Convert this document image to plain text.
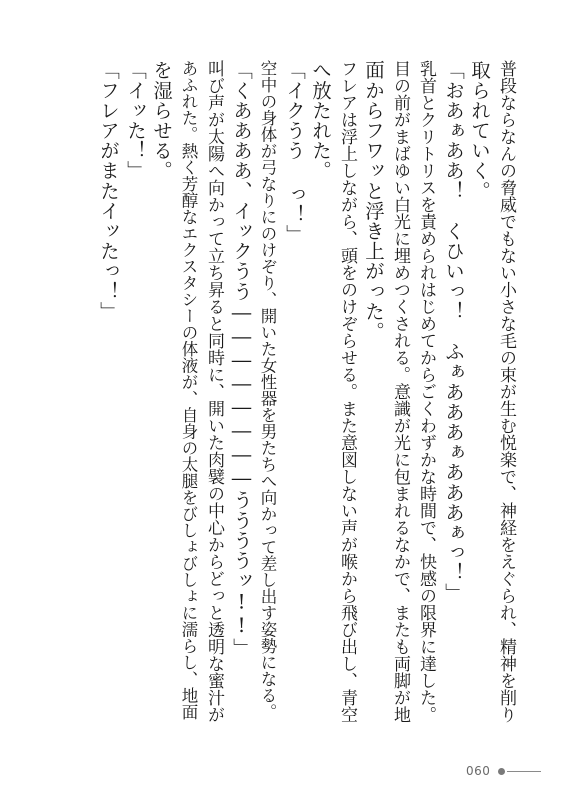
普段ならなんの脅威でもない小さな毛の束が生む悦楽で、神経をえぐられ、精神を削り
取られていく。
「おあぁああ！　くひいっ！　ふぁあああぁあああぁっ！」
乳首とクリトリスを責められはじめてからごくわずかな時間で、快感の限界に達した。
目の前がまばゆい白光に埋めつくされる。意識が光に包まれるなかで、またも両脚が地
面からフワッと浮き上がった。
フレアは浮上しながら、頭をのけぞらせる。また意図しない声が喉から飛び出し、青空
へ放たれた。
「イクうう っ！」
空中の身体が弓なりにのけぞり、開いた女性器を男たちへ向かって差し出す姿勢になる。
「くああああ、イックうう――――――――ううううッ!!」
叫び声が太陽へ向かって立ち昇ると同時に、開いた肉襞の中心からどっと透明な蜜汁が
あふれた。熱く芳醇なエクスタシーの体液が、自身の太腿をびしょびしょに濡らし、地面
を湿らせる。
「イッた！」
「フレアがまたイッたっ！」
060
